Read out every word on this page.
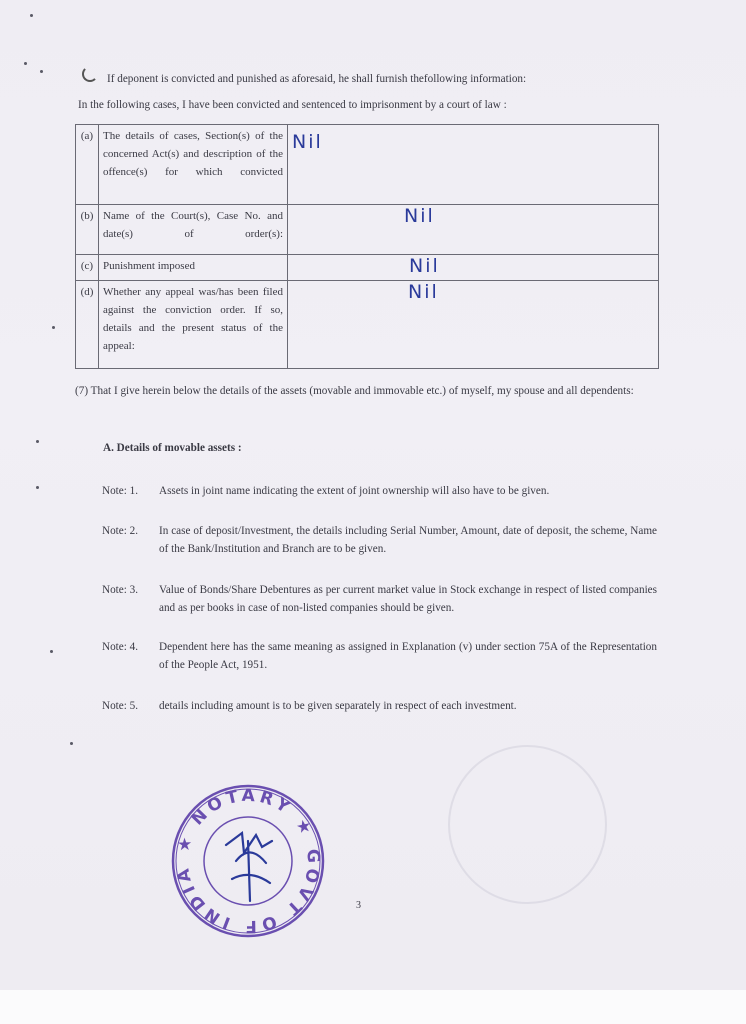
If deponent is convicted and punished as aforesaid, he shall furnish thefollowing information:
In the following cases, I have been convicted and sentenced to imprisonment by a court of law :
(a)	The details of cases, Section(s) of the concerned Act(s) and description of the offence(s) for which convicted	Nil
(b)	Name of the Court(s), Case No. and date(s) of order(s):	Nil
(c)	Punishment imposed	Nil
(d)	Whether any appeal was/has been filed against the conviction order. If so, details and the present status of the appeal:	Nil
(7) That I give herein below the details of the assets (movable and immovable etc.) of myself, my spouse and all dependents:
A. Details of movable assets :
Note: 1. Assets in joint name indicating the extent of joint ownership will also have to be given.
Note: 2. In case of deposit/Investment, the details including Serial Number, Amount, date of deposit, the scheme, Name of the Bank/Institution and Branch are to be given.
Note: 3. Value of Bonds/Share Debentures as per current market value in Stock exchange in respect of listed companies and as per books in case of non-listed companies should be given.
Note: 4. Dependent here has the same meaning as assigned in Explanation (v) under section 75A of the Representation of the People Act, 1951.
Note: 5. details including amount is to be given separately in respect of each investment.
★ NOTARY ★ GOVT OF INDIA
3
